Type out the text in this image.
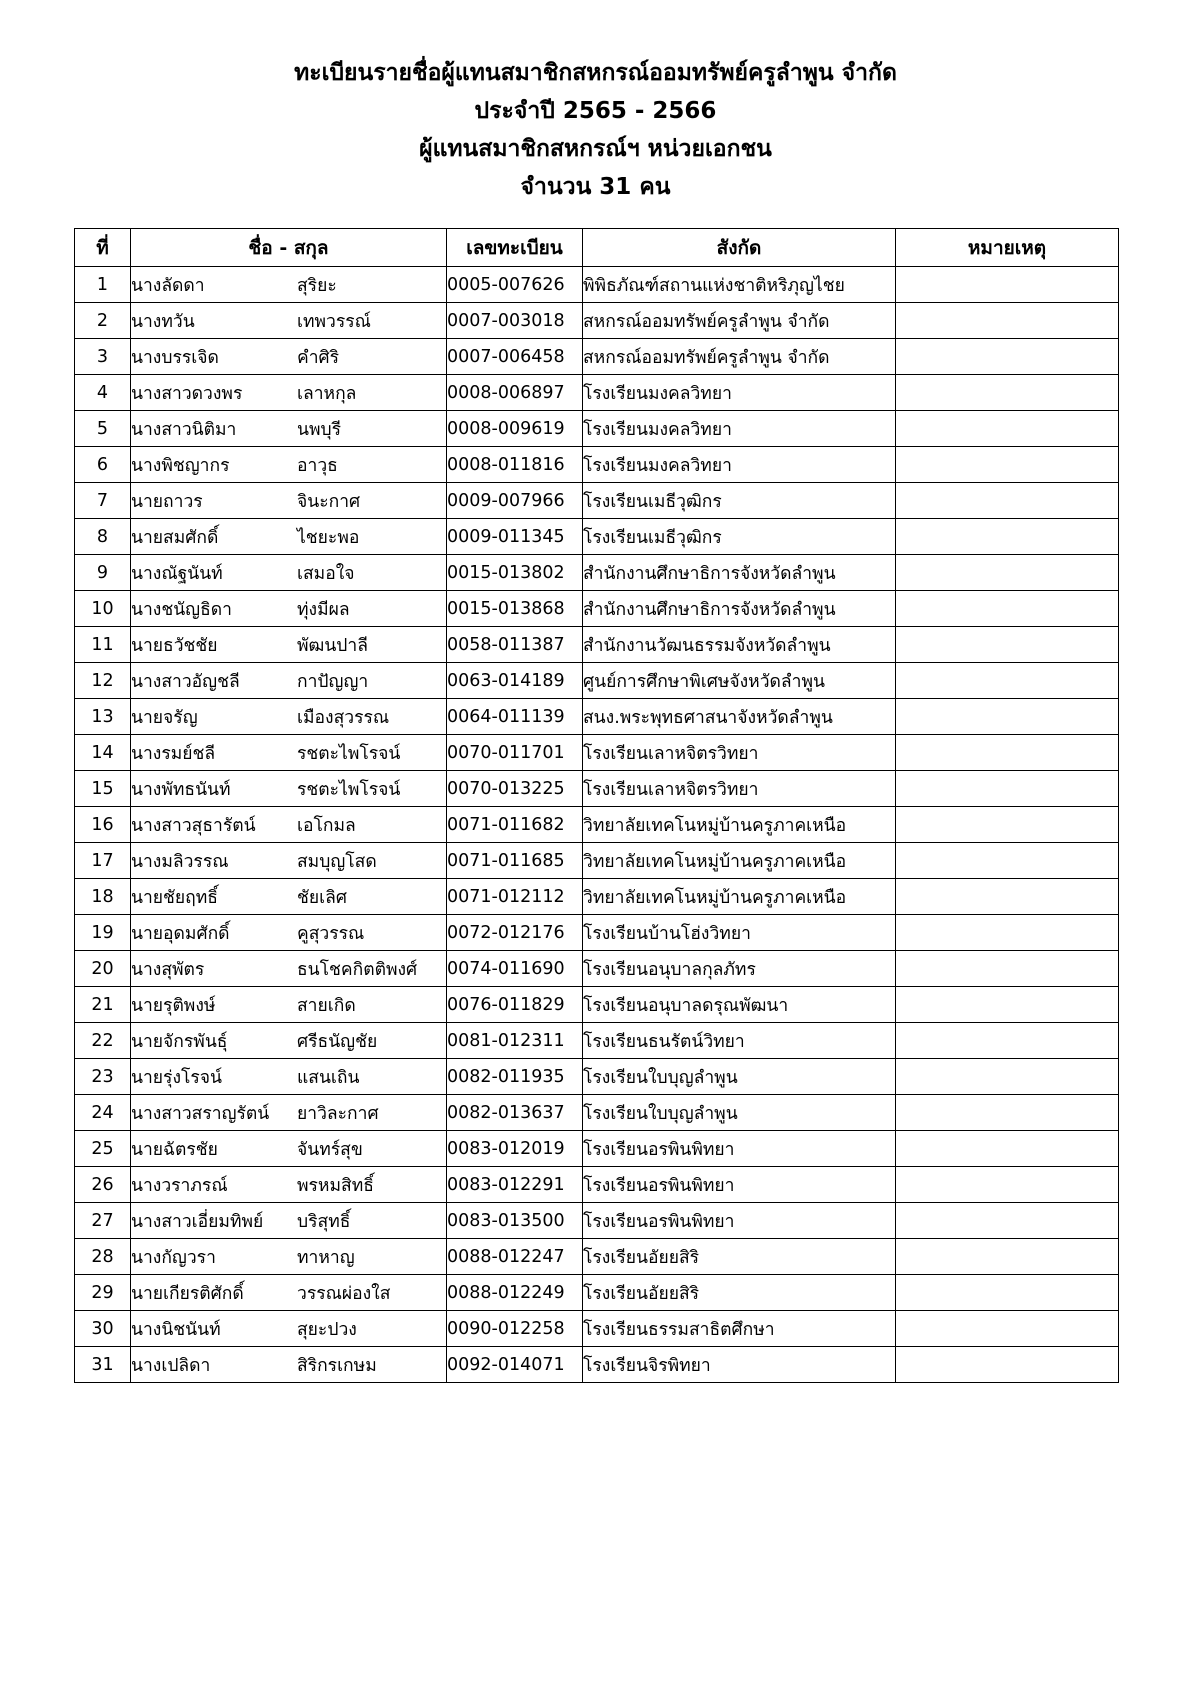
ทะเบียนรายชื่อผู้แทนสมาชิกสหกรณ์ออมทรัพย์ครูลำพูน จำกัด
ประจำปี 2565 - 2566
ผู้แทนสมาชิกสหกรณ์ฯ หน่วยเอกชน
จำนวน 31 คน
ที่	ชื่อ - สกุล	เลขทะเบียน	สังกัด	หมายเหตุ
1	นางลัดดา สุริยะ	0005-007626	พิพิธภัณฑ์สถานแห่งชาติหริภุญไชย	
2	นางทวัน เทพวรรณ์	0007-003018	สหกรณ์ออมทรัพย์ครูลำพูน จำกัด	
3	นางบรรเจิด คำศิริ	0007-006458	สหกรณ์ออมทรัพย์ครูลำพูน จำกัด	
4	นางสาวดวงพร เลาหกุล	0008-006897	โรงเรียนมงคลวิทยา	
5	นางสาวนิติมา นพบุรี	0008-009619	โรงเรียนมงคลวิทยา	
6	นางพิชญากร อาวุธ	0008-011816	โรงเรียนมงคลวิทยา	
7	นายถาวร จินะกาศ	0009-007966	โรงเรียนเมธีวุฒิกร	
8	นายสมศักดิ์ ไชยะพอ	0009-011345	โรงเรียนเมธีวุฒิกร	
9	นางณัฐนันท์ เสมอใจ	0015-013802	สำนักงานศึกษาธิการจังหวัดลำพูน	
10	นางชนัญธิดา ทุ่งมีผล	0015-013868	สำนักงานศึกษาธิการจังหวัดลำพูน	
11	นายธวัชชัย พัฒนปาลี	0058-011387	สำนักงานวัฒนธรรมจังหวัดลำพูน	
12	นางสาวอัญชลี กาปัญญา	0063-014189	ศูนย์การศึกษาพิเศษจังหวัดลำพูน	
13	นายจรัญ เมืองสุวรรณ	0064-011139	สนง.พระพุทธศาสนาจังหวัดลำพูน	
14	นางรมย์ชลี รชตะไพโรจน์	0070-011701	โรงเรียนเลาหจิตรวิทยา	
15	นางพัทธนันท์ รชตะไพโรจน์	0070-013225	โรงเรียนเลาหจิตรวิทยา	
16	นางสาวสุธารัตน์ เอโกมล	0071-011682	วิทยาลัยเทคโนหมู่บ้านครูภาคเหนือ	
17	นางมลิวรรณ สมบุญโสด	0071-011685	วิทยาลัยเทคโนหมู่บ้านครูภาคเหนือ	
18	นายชัยฤทธิ์ ชัยเลิศ	0071-012112	วิทยาลัยเทคโนหมู่บ้านครูภาคเหนือ	
19	นายอุดมศักดิ์ คูสุวรรณ	0072-012176	โรงเรียนบ้านโฮ่งวิทยา	
20	นางสุพัตร ธนโชคกิตติพงศ์	0074-011690	โรงเรียนอนุบาลกุลภัทร	
21	นายรุติพงษ์ สายเกิด	0076-011829	โรงเรียนอนุบาลดรุณพัฒนา	
22	นายจักรพันธุ์ ศรีธนัญชัย	0081-012311	โรงเรียนธนรัตน์วิทยา	
23	นายรุ่งโรจน์ แสนเถิน	0082-011935	โรงเรียนใบบุญลำพูน	
24	นางสาวสราญรัตน์ ยาวิละกาศ	0082-013637	โรงเรียนใบบุญลำพูน	
25	นายฉัตรชัย จันทร์สุข	0083-012019	โรงเรียนอรพินพิทยา	
26	นางวราภรณ์ พรหมสิทธิ์	0083-012291	โรงเรียนอรพินพิทยา	
27	นางสาวเอี่ยมทิพย์ บริสุทธิ์	0083-013500	โรงเรียนอรพินพิทยา	
28	นางกัญวรา ทาหาญ	0088-012247	โรงเรียนอัยยสิริ	
29	นายเกียรติศักดิ์ วรรณผ่องใส	0088-012249	โรงเรียนอัยยสิริ	
30	นางนิชนันท์ สุยะปวง	0090-012258	โรงเรียนธรรมสาธิตศึกษา	
31	นางเปลิดา สิริกรเกษม	0092-014071	โรงเรียนจิรพิทยา	
